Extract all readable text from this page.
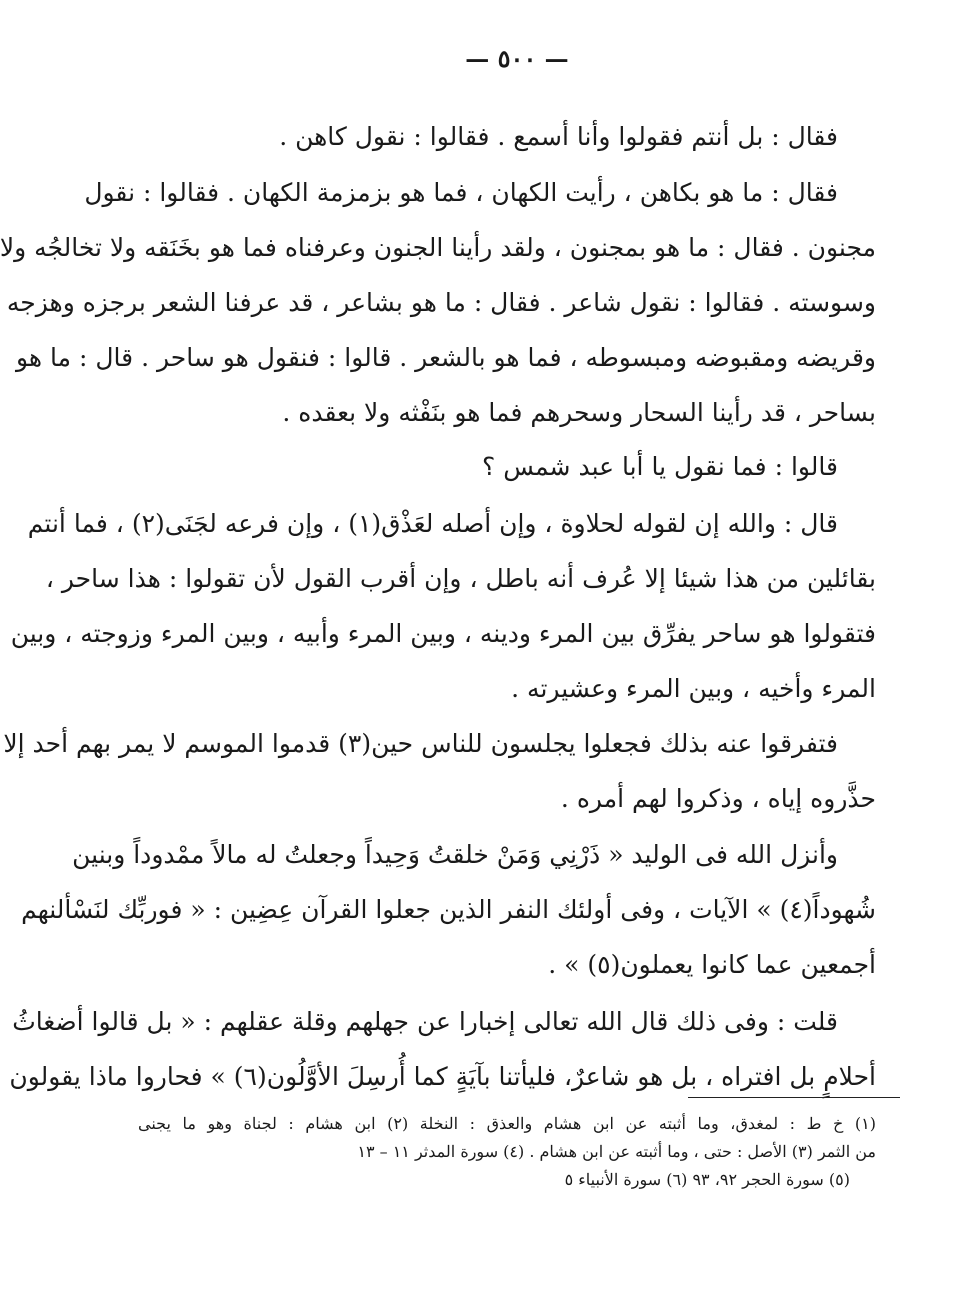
— ٥٠٠ —
فقال : بل أنتم فقولوا وأنا أسمع . فقالوا : نقول كاهن .
فقال : ما هو بكاهن ، رأيت الكهان ، فما هو بزمزمة الكهان . فقالوا : نقول
مجنون . فقال : ما هو بمجنون ، ولقد رأينا الجنون وعرفناه فما هو بخَنَقه ولا تخالجُه ولا
وسوسته . فقالوا : نقول شاعر . فقال : ما هو بشاعر ، قد عرفنا الشعر برجزه وهزجه
وقريضه ومقبوضه ومبسوطه ، فما هو بالشعر . قالوا : فنقول هو ساحر . قال : ما هو
بساحر ، قد رأينا السحار وسحرهم فما هو بنَفْثه ولا بعقده .
قالوا : فما نقول يا أبا عبد شمس ؟
قال : والله إن لقوله لحلاوة ، وإن أصله لعَذْق(١) ، وإن فرعه لجَنَى(٢) ، فما أنتم
بقائلين من هذا شيئا إلا عُرف أنه باطل ، وإن أقرب القول لأن تقولوا : هذا ساحر ،
فتقولوا هو ساحر يفرِّق بين المرء ودينه ، وبين المرء وأبيه ، وبين المرء وزوجته ، وبين
المرء وأخيه ، وبين المرء وعشيرته .
فتفرقوا عنه بذلك فجعلوا يجلسون للناس حين(٣) قدموا الموسم لا يمر بهم أحد إلا
حذَّروه إياه ، وذكروا لهم أمره .
وأنزل الله فى الوليد « ذَرْنِي وَمَنْ خلقتُ وَحِيداً وجعلتُ له مالاً ممْدوداً وبنين
شُهوداً(٤) » الآيات ، وفى أولئك النفر الذين جعلوا القرآن عِضِين : « فوربِّك لنَسْألنهم
أجمعين عما كانوا يعملون(٥) » .
قلت : وفى ذلك قال الله تعالى إخبارا عن جهلهم وقلة عقلهم : « بل قالوا أضغاثُ
أحلامٍ بل افتراه ، بل هو شاعرٌ، فليأتنا بآيَةٍ كما أُرسِلَ الأوَّلُون(٦) » فحاروا ماذا يقولون
(١) خ ط : لمغدق، وما أثبته عن ابن هشام والعذق : النخلة (٢) ابن هشام : لجناة وهو ما يجنى
من الثمر (٣) الأصل : حتى ، وما أثبته عن ابن هشام . (٤) سورة المدثر ١١ – ١٣
(٥) سورة الحجر ٩٢، ٩٣ (٦) سورة الأنبياء ٥
